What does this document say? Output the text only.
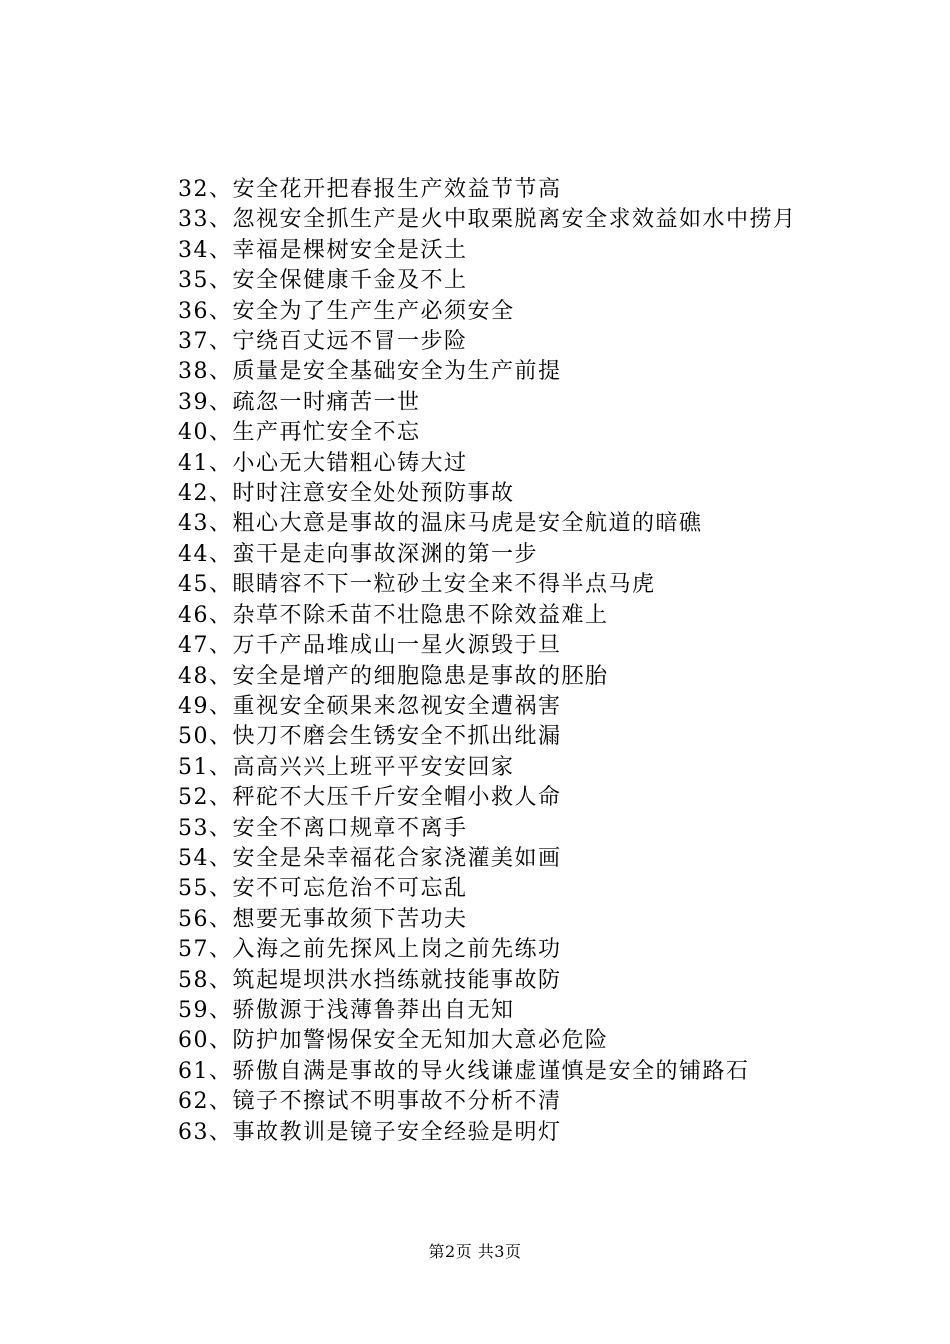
32、安全花开把春报生产效益节节高
33、忽视安全抓生产是火中取栗脱离安全求效益如水中捞月
34、幸福是棵树安全是沃土
35、安全保健康千金及不上
36、安全为了生产生产必须安全
37、宁绕百丈远不冒一步险
38、质量是安全基础安全为生产前提
39、疏忽一时痛苦一世
40、生产再忙安全不忘
41、小心无大错粗心铸大过
42、时时注意安全处处预防事故
43、粗心大意是事故的温床马虎是安全航道的暗礁
44、蛮干是走向事故深渊的第一步
45、眼睛容不下一粒砂土安全来不得半点马虎
46、杂草不除禾苗不壮隐患不除效益难上
47、万千产品堆成山一星火源毁于旦
48、安全是增产的细胞隐患是事故的胚胎
49、重视安全硕果来忽视安全遭祸害
50、快刀不磨会生锈安全不抓出纰漏
51、高高兴兴上班平平安安回家
52、秤砣不大压千斤安全帽小救人命
53、安全不离口规章不离手
54、安全是朵幸福花合家浇灌美如画
55、安不可忘危治不可忘乱
56、想要无事故须下苦功夫
57、入海之前先探风上岗之前先练功
58、筑起堤坝洪水挡练就技能事故防
59、骄傲源于浅薄鲁莽出自无知
60、防护加警惕保安全无知加大意必危险
61、骄傲自满是事故的导火线谦虚谨慎是安全的铺路石
62、镜子不擦试不明事故不分析不清
63、事故教训是镜子安全经验是明灯
第2页 共3页
